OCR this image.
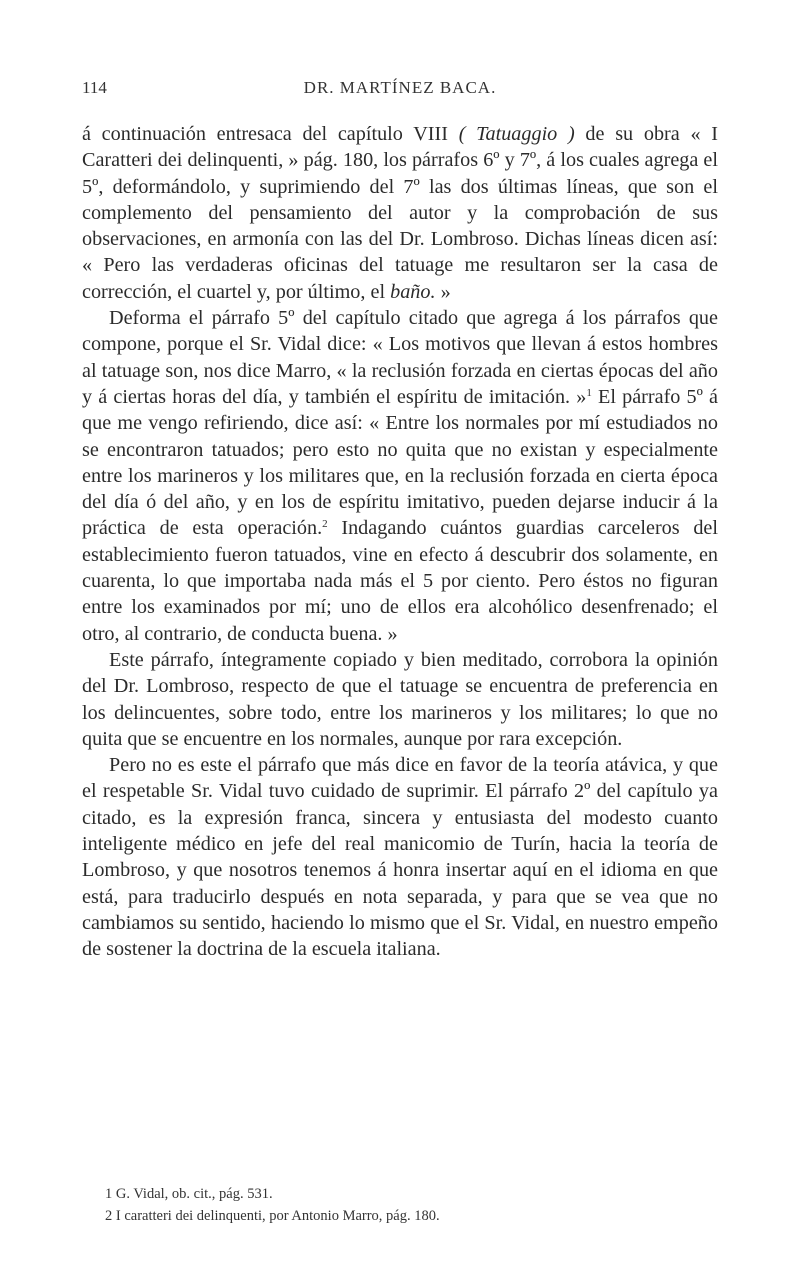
114	DR. MARTÍNEZ BACA.

á continuación entresaca del capítulo VIII ( Tatuaggio ) de su obra « I Caratteri dei delinquenti, » pág. 180, los párrafos 6º y 7º, á los cuales agrega el 5º, deformándolo, y suprimiendo del 7º las dos últimas líneas, que son el complemento del pensamiento del autor y la comprobación de sus observaciones, en armonía con las del Dr. Lombroso. Dichas líneas dicen así: « Pero las verdaderas oficinas del tatuage me resultaron ser la casa de corrección, el cuartel y, por último, el baño. »

Deforma el párrafo 5º del capítulo citado que agrega á los párrafos que compone, porque el Sr. Vidal dice: « Los motivos que llevan á estos hombres al tatuage son, nos dice Marro, « la reclusión forzada en ciertas épocas del año y á ciertas horas del día, y también el espíritu de imitación. »$^1$ El párrafo 5º á que me vengo refiriendo, dice así: « Entre los normales por mí estudiados no se encontraron tatuados; pero esto no quita que no existan y especialmente entre los marineros y los militares que, en la reclusión forzada en cierta época del día ó del año, y en los de espíritu imitativo, pueden dejarse inducir á la práctica de esta operación.$^2$ Indagando cuántos guardias carceleros del establecimiento fueron tatuados, vine en efecto á descubrir dos solamente, en cuarenta, lo que importaba nada más el 5 por ciento. Pero éstos no figuran entre los examinados por mí; uno de ellos era alcohólico desenfrenado; el otro, al contrario, de conducta buena. »

Este párrafo, íntegramente copiado y bien meditado, corrobora la opinión del Dr. Lombroso, respecto de que el tatuage se encuentra de preferencia en los delincuentes, sobre todo, entre los marineros y los militares; lo que no quita que se encuentre en los normales, aunque por rara excepción.

Pero no es este el párrafo que más dice en favor de la teoría atávica, y que el respetable Sr. Vidal tuvo cuidado de suprimir. El párrafo 2º del capítulo ya citado, es la expresión franca, sincera y entusiasta del modesto cuanto inteligente médico en jefe del real manicomio de Turín, hacia la teoría de Lombroso, y que nosotros tenemos á honra insertar aquí en el idioma en que está, para traducirlo después en nota separada, y para que se vea que no cambiamos su sentido, haciendo lo mismo que el Sr. Vidal, en nuestro empeño de sostener la doctrina de la escuela italiana.

1 G. Vidal, ob. cit., pág. 531.
2 I caratteri dei delinquenti, por Antonio Marro, pág. 180.
